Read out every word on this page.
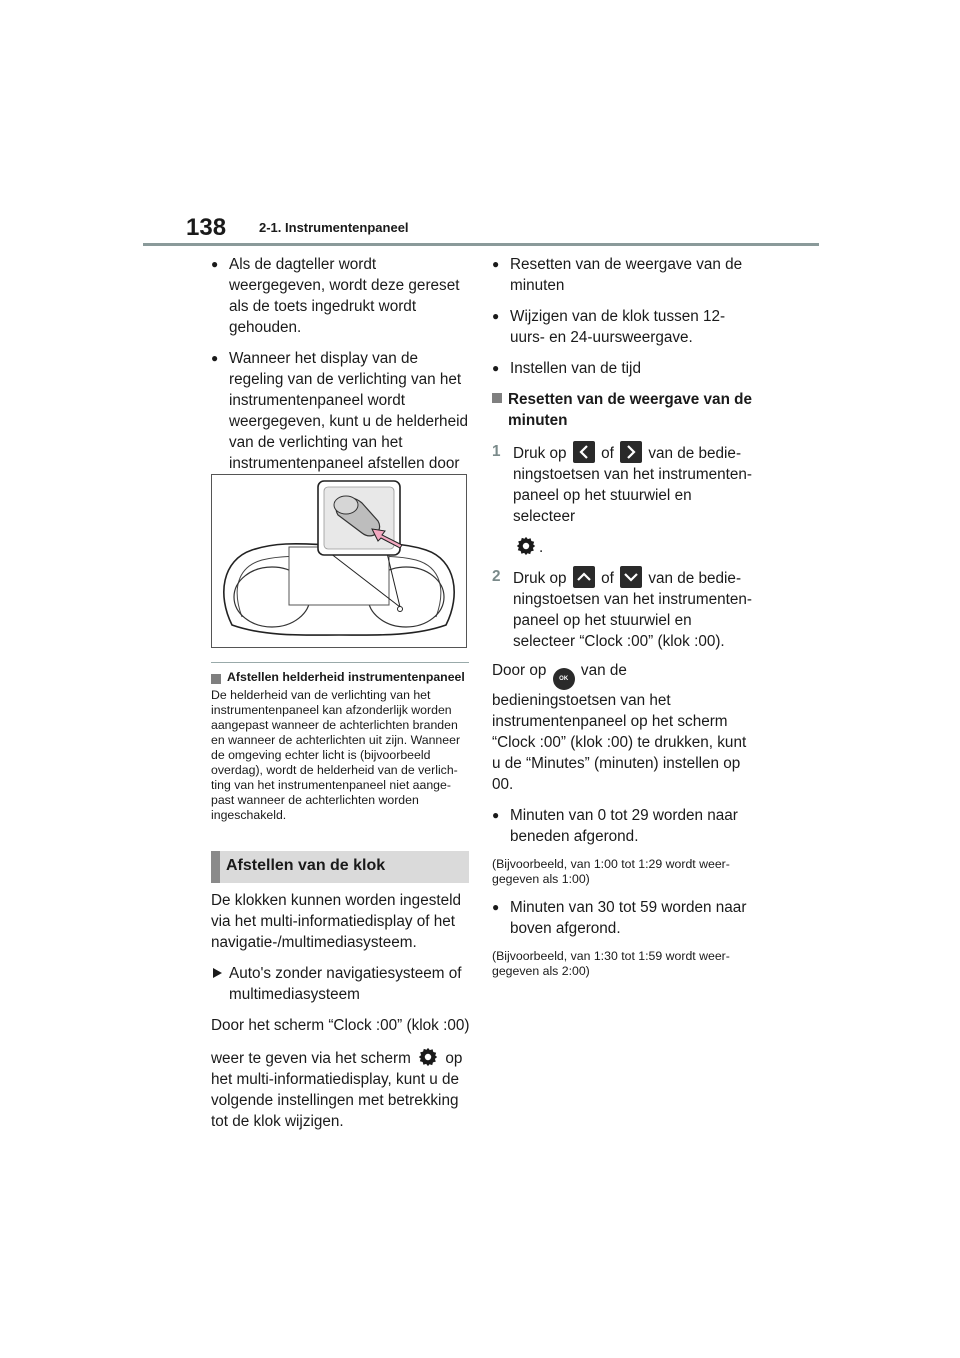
138	2-1. Instrumentenpaneel

● Als de dagteller wordt weergegeven, wordt deze gereset als de toets ingedrukt wordt gehouden.

● Wanneer het display van de regeling van de verlichting van het instrumentenpaneel wordt weergegeven, kunt u de helderheid van de verlichting van het instrumentenpaneel afstellen door

Afstellen helderheid instrumentenpaneel

De helderheid van de verlichting van het instrumentenpaneel kan afzonderlijk worden aangepast wanneer de achterlichten branden en wanneer de achterlichten uit zijn. Wanneer de omgeving echter licht is (bijvoorbeeld overdag), wordt de helderheid van de verlichting van het instrumentenpaneel niet aangepast wanneer de achterlichten worden ingeschakeld.

Afstellen van de klok

De klokken kunnen worden ingesteld via het multi-informatiedisplay of het navigatie-/multimediasysteem.

Auto's zonder navigatiesysteem of multimediasysteem

Door het scherm “Clock :00” (klok :00)

weer te geven via het scherm op het multi-informatiedisplay, kunt u de volgende instellingen met betrekking tot de klok wijzigen.

● Resetten van de weergave van de minuten

● Wijzigen van de klok tussen 12-uurs- en 24-uursweergave.

● Instellen van de tijd

Resetten van de weergave van de minuten
1 Druk op of van de bedieningstoetsen van het instrumentenpaneel op het stuurwiel en selecteer
.
2 Druk op of van de bedieningstoetsen van het instrumentenpaneel op het stuurwiel en selecteer “Clock :00” (klok :00).

Door op OK van de bedieningstoetsen van het instrumentenpaneel op het scherm “Clock :00” (klok :00) te drukken, kunt u de “Minutes” (minuten) instellen op 00.

● Minuten van 0 tot 29 worden naar beneden afgerond.

(Bijvoorbeeld, van 1:00 tot 1:29 wordt weergegeven als 1:00)

● Minuten van 30 tot 59 worden naar boven afgerond.

(Bijvoorbeeld, van 1:30 tot 1:59 wordt weergegeven als 2:00)
